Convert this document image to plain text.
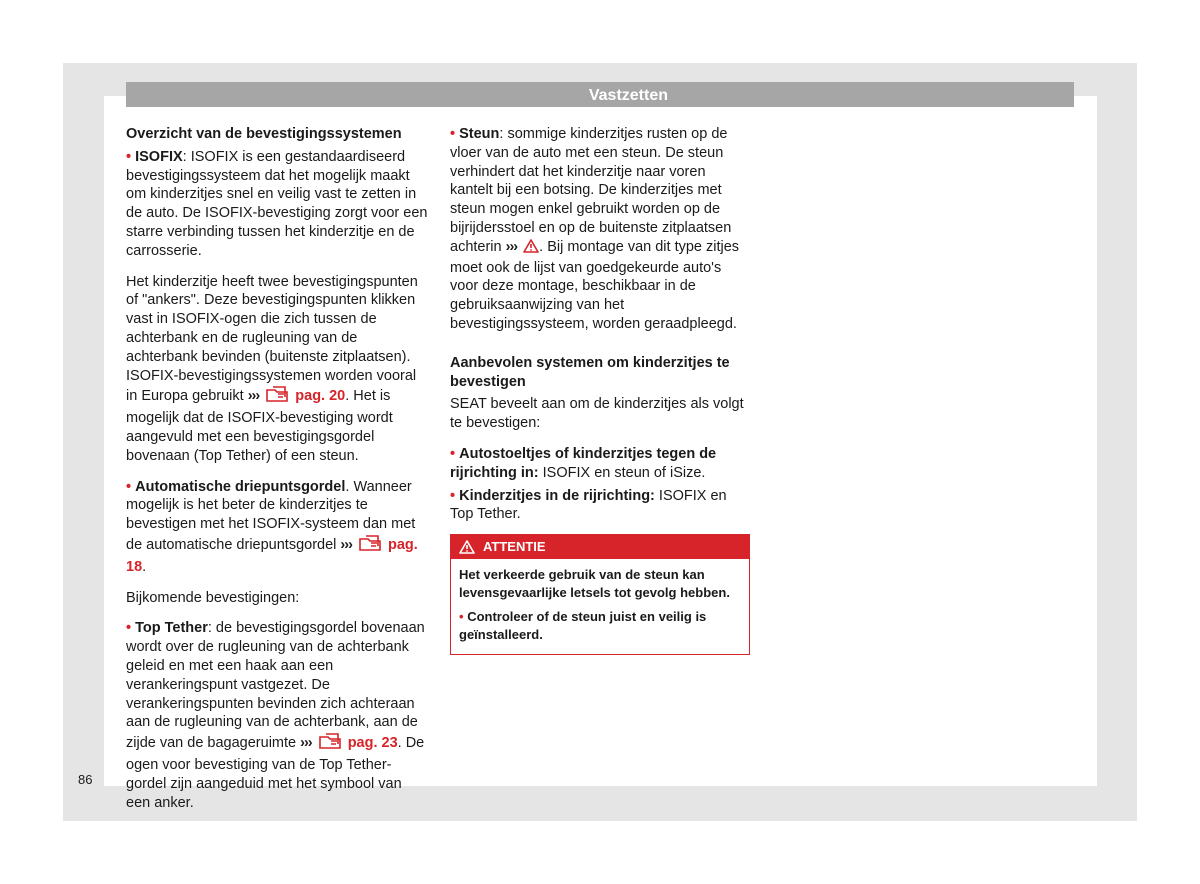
Vastzetten

Overzicht van de bevestigingssystemen

• ISOFIX: ISOFIX is een gestandaardiseerd bevestigingssysteem dat het mogelijk maakt om kinderzitjes snel en veilig vast te zetten in de auto. De ISOFIX-bevestiging zorgt voor een starre verbinding tussen het kinderzitje en de carrosserie.

Het kinderzitje heeft twee bevestigingspunten of "ankers". Deze bevestigingspunten klikken vast in ISOFIX-ogen die zich tussen de achterbank en de rugleuning van de achterbank bevinden (buitenste zitplaatsen). ISOFIX-bevestigingssystemen worden vooral in Europa gebruikt ››› pag. 20. Het is mogelijk dat de ISOFIX-bevestiging wordt aangevuld met een bevestigingsgordel bovenaan (Top Tether) of een steun.

• Automatische driepuntsgordel. Wanneer mogelijk is het beter de kinderzitjes te bevestigen met het ISOFIX-systeem dan met de automatische driepuntsgordel ››› pag. 18.

Bijkomende bevestigingen:

• Top Tether: de bevestigingsgordel bovenaan wordt over de rugleuning van de achterbank geleid en met een haak aan een verankeringspunt vastgezet. De verankeringspunten bevinden zich achteraan aan de rugleuning van de achterbank, aan de zijde van de bagageruimte ››› pag. 23. De ogen voor bevestiging van de Top Tether-gordel zijn aangeduid met het symbool van een anker.

• Steun: sommige kinderzitjes rusten op de vloer van de auto met een steun. De steun verhindert dat het kinderzitje naar voren kantelt bij een botsing. De kinderzitjes met steun mogen enkel gebruikt worden op de bijrijdersstoel en op de buitenste zitplaatsen achterin ››› . Bij montage van dit type zitjes moet ook de lijst van goedgekeurde auto's voor deze montage, beschikbaar in de gebruiksaanwijzing van het bevestigingssysteem, worden geraadpleegd.

Aanbevolen systemen om kinderzitjes te bevestigen

SEAT beveelt aan om de kinderzitjes als volgt te bevestigen:

• Autostoeltjes of kinderzitjes tegen de rijrichting in: ISOFIX en steun of iSize.

• Kinderzitjes in de rijrichting: ISOFIX en Top Tether.

ATTENTIE

Het verkeerde gebruik van de steun kan levensgevaarlijke letsels tot gevolg hebben.

• Controleer of de steun juist en veilig is geïnstalleerd.

86
